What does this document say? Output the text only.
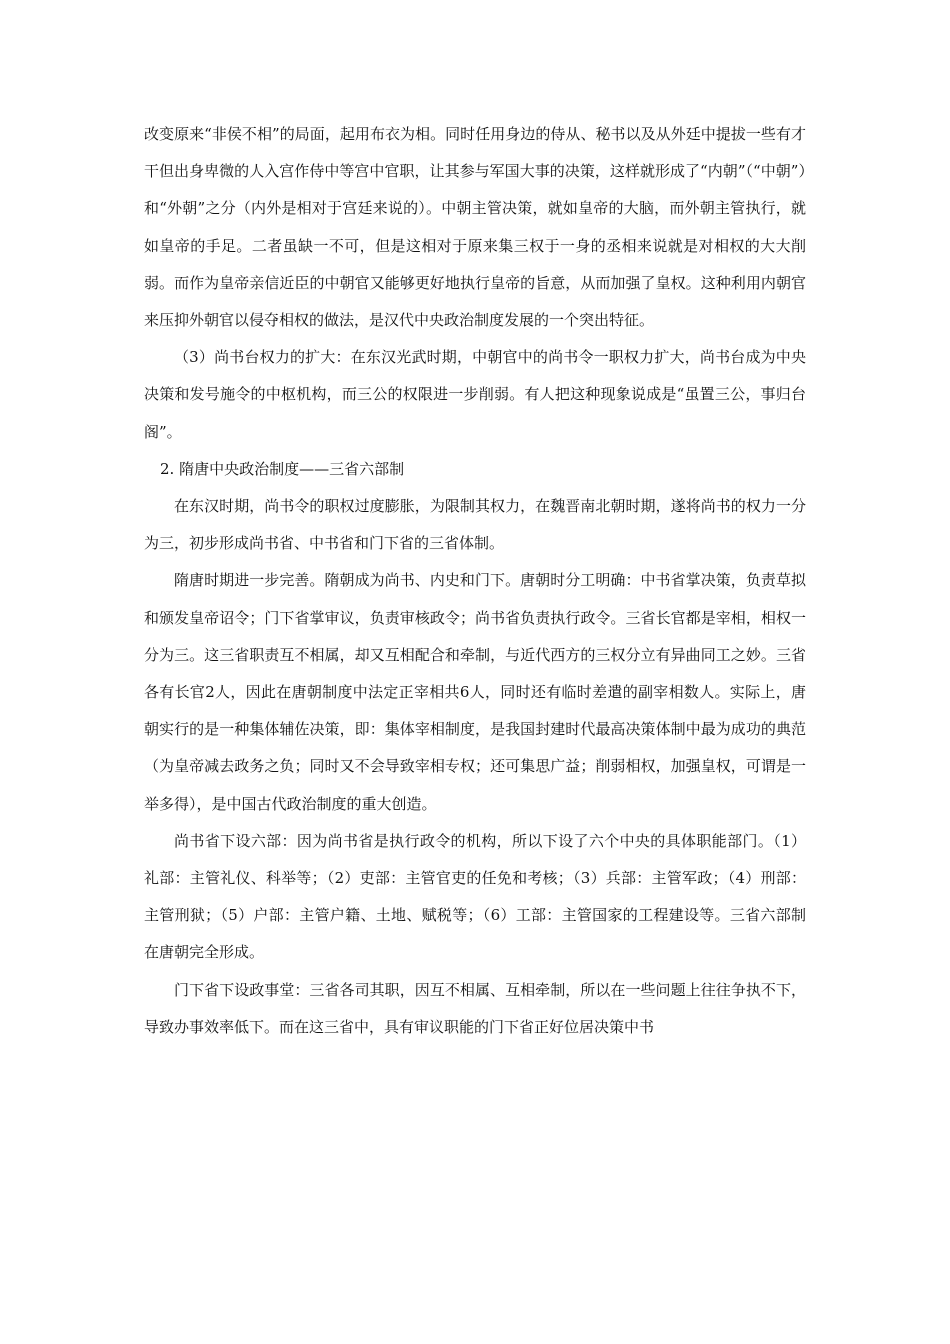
改变原来“非侯不相”的局面，起用布衣为相。同时任用身边的侍从、秘书以及从外廷中提拔一些有才干但出身卑微的人入宫作侍中等宫中官职，让其参与军国大事的决策，这样就形成了“内朝”（“中朝”）和“外朝”之分（内外是相对于宫廷来说的）。中朝主管决策，就如皇帝的大脑，而外朝主管执行，就如皇帝的手足。二者虽缺一不可，但是这相对于原来集三权于一身的丞相来说就是对相权的大大削弱。而作为皇帝亲信近臣的中朝官又能够更好地执行皇帝的旨意，从而加强了皇权。这种利用内朝官来压抑外朝官以侵夺相权的做法，是汉代中央政治制度发展的一个突出特征。

（3）尚书台权力的扩大：在东汉光武时期，中朝官中的尚书令一职权力扩大，尚书台成为中央决策和发号施令的中枢机构，而三公的权限进一步削弱。有人把这种现象说成是“虽置三公，事归台阁”。

2. 隋唐中央政治制度——三省六部制

在东汉时期，尚书令的职权过度膨胀，为限制其权力，在魏晋南北朝时期，遂将尚书的权力一分为三，初步形成尚书省、中书省和门下省的三省体制。

隋唐时期进一步完善。隋朝成为尚书、内史和门下。唐朝时分工明确：中书省掌决策，负责草拟和颁发皇帝诏令；门下省掌审议，负责审核政令；尚书省负责执行政令。三省长官都是宰相，相权一分为三。这三省职责互不相属，却又互相配合和牵制，与近代西方的三权分立有异曲同工之妙。三省各有长官2人，因此在唐朝制度中法定正宰相共6人，同时还有临时差遣的副宰相数人。实际上，唐朝实行的是一种集体辅佐决策，即：集体宰相制度，是我国封建时代最高决策体制中最为成功的典范（为皇帝减去政务之负；同时又不会导致宰相专权；还可集思广益；削弱相权，加强皇权，可谓是一举多得），是中国古代政治制度的重大创造。

尚书省下设六部：因为尚书省是执行政令的机构，所以下设了六个中央的具体职能部门。（1）礼部：主管礼仪、科举等；（2）吏部：主管官吏的任免和考核；（3）兵部：主管军政；（4）刑部：主管刑狱；（5）户部：主管户籍、土地、赋税等；（6）工部：主管国家的工程建设等。三省六部制在唐朝完全形成。

门下省下设政事堂：三省各司其职，因互不相属、互相牵制，所以在一些问题上往往争执不下，导致办事效率低下。而在这三省中，具有审议职能的门下省正好位居决策中书
